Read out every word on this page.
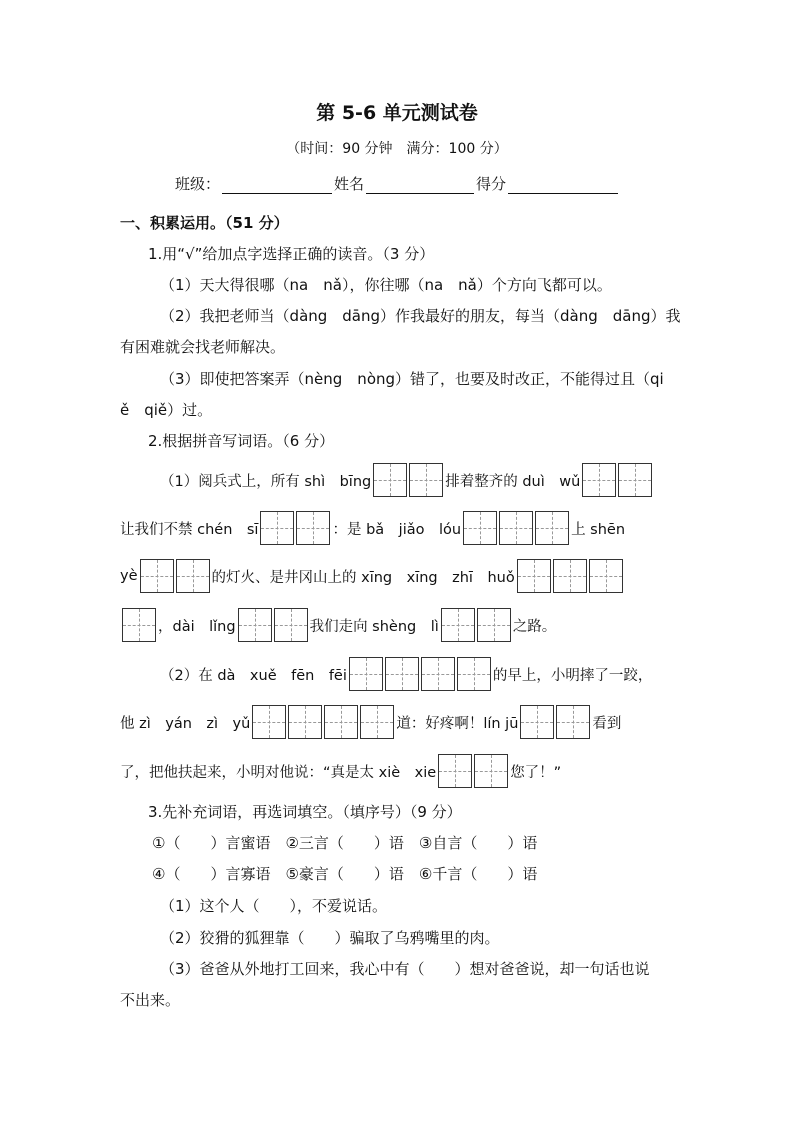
第 5-6 单元测试卷
（时间：90 分钟　满分：100 分）
班级：	姓名	得分
一、积累运用。（51 分）
1.用“√”给加点字选择正确的读音。（3 分）
（1）天大得很哪（na　nǎ），你往哪（na　nǎ）个方向飞都可以。
（2）我把老师当（dàng　dāng）作我最好的朋友，每当（dàng　dāng）我
有困难就会找老师解决。
（3）即使把答案弄（nèng　nòng）错了，也要及时改正，不能得过且（qi
ě　qiě）过。
2.根据拼音写词语。（6 分）
（1）阅兵式上，所有 shì　bīng	排着整齐的 duì　wǔ
让我们不禁 chén　sī	：是 bǎ　jiǎo　lóu	上 shēn
yè	的灯火、是井冈山上的 xīng　xīng　zhī　huǒ
，dài　lǐng	我们走向 shèng　lì	之路。
（2）在 dà　xuě　fēn　fēi	的早上，小明摔了一跤，
他 zì　yán　zì　yǔ	道：好疼啊！lín jū	看到
了，把他扶起来，小明对他说：“真是太 xiè　xie	您了！”
3.先补充词语，再选词填空。（填序号）（9 分）
①（　　）言蜜语　②三言（　　）语　③自言（　　）语
④（　　）言寡语　⑤豪言（　　）语　⑥千言（　　）语
（1）这个人（　　），不爱说话。
（2）狡猾的狐狸靠（　　）骗取了乌鸦嘴里的肉。
（3）爸爸从外地打工回来，我心中有（　　）想对爸爸说，却一句话也说
不出来。
